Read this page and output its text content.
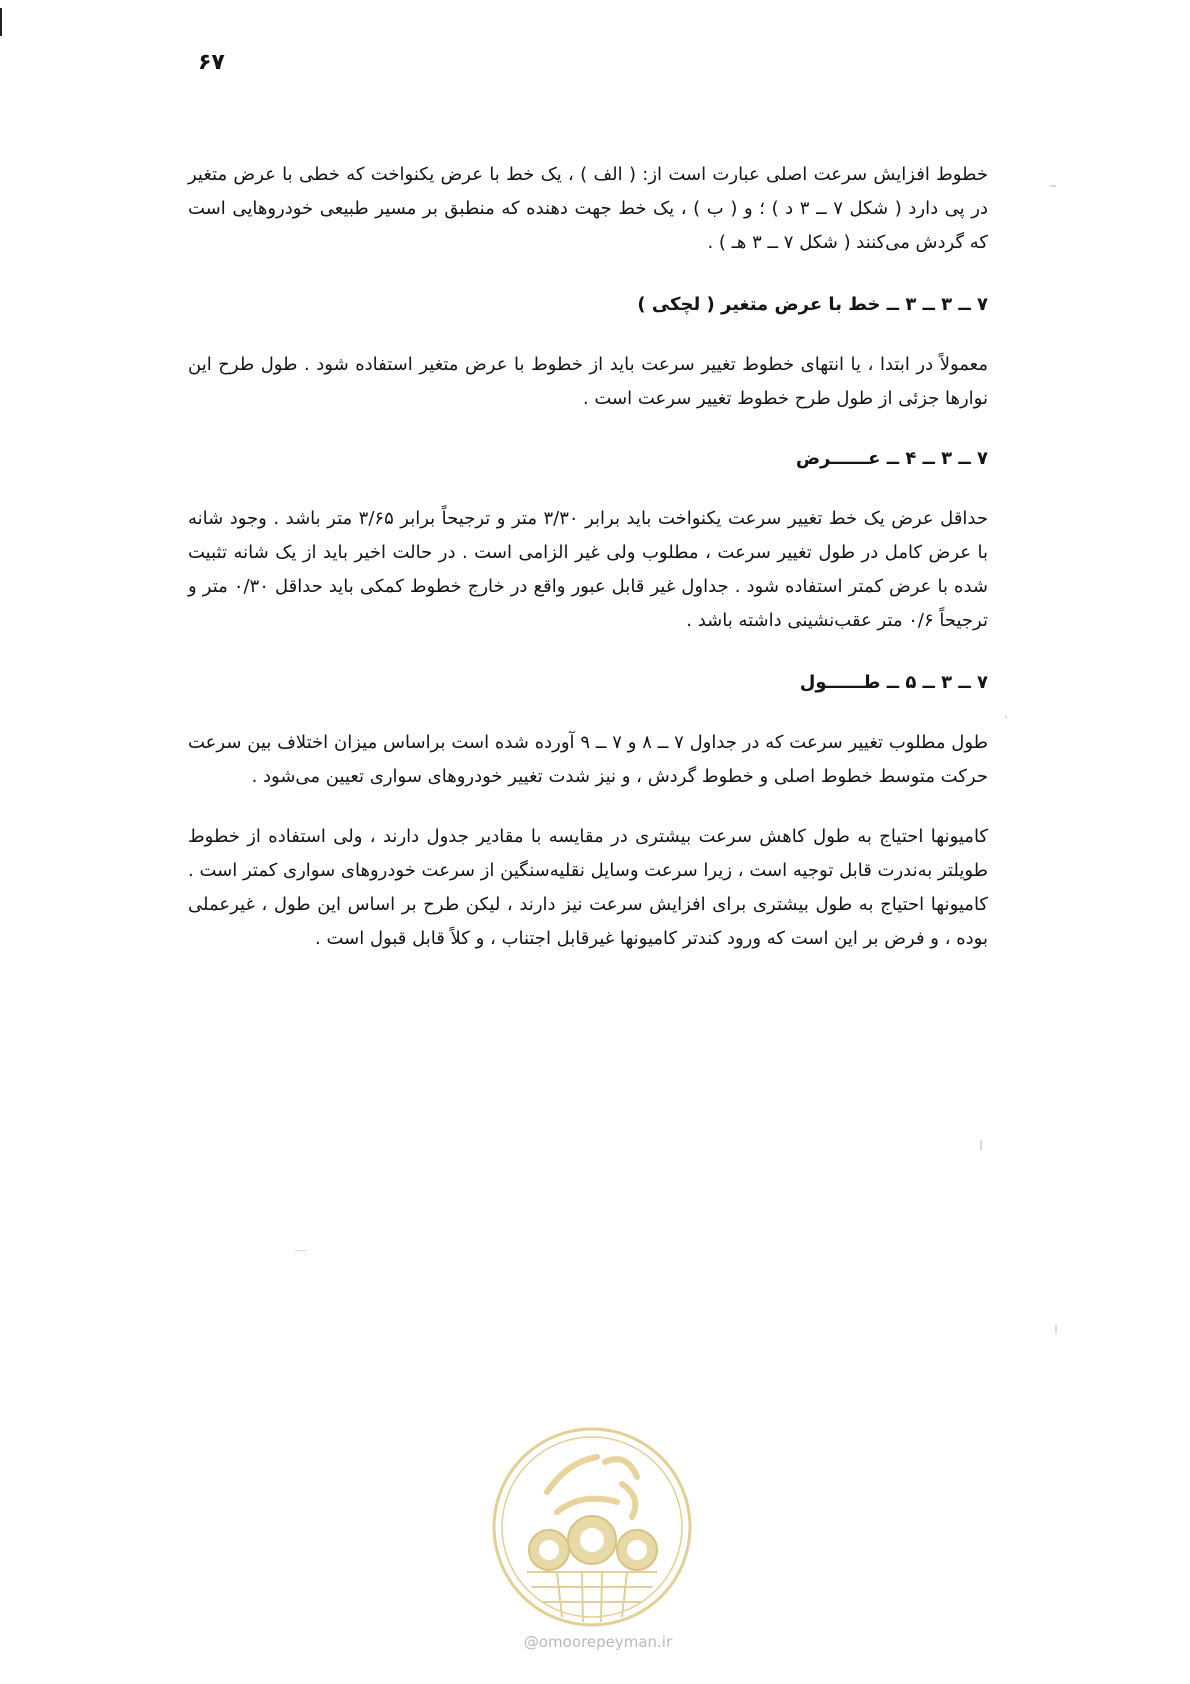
۶۷

خطوط افزایش سرعت اصلی عبارت است از: ( الف ) ، یک خط با عرض یکنواخت که خطی با عرض متغیر در پی دارد ( شکل ۷ ــ ۳ د ) ؛ و ( ب ) ، یک خط جهت دهنده که منطبق بر مسیر طبیعی خودروهایی است که گردش می‌کنند ( شکل ۷ ــ ۳ هـ ) .

۷ ــ ۳ ــ ۳ ــ خط با عرض متغیر ( لچکی )

معمولاً در ابتدا ، یا انتهای خطوط تغییر سرعت باید از خطوط با عرض متغیر استفاده شود . طول طرح این نوارها جزئی از طول طرح خطوط تغییر سرعت است .

۷ ــ ۳ ــ ۴ ــ عــــــرض

حداقل عرض یک خط تغییر سرعت یکنواخت باید برابر ۳/۳۰ متر و ترجیحاً برابر ۳/۶۵ متر باشد . وجود شانه با عرض کامل در طول تغییر سرعت ، مطلوب ولی غیر الزامی است . در حالت اخیر باید از یک شانه تثبیت شده با عرض کمتر استفاده شود . جداول غیر قابل عبور واقع در خارج خطوط کمکی باید حداقل ۰/۳۰ متر و ترجیحاً ۰/۶ متر عقب‌نشینی داشته باشد .

۷ ــ ۳ ــ ۵ ــ طــــــول

طول مطلوب تغییر سرعت که در جداول ۷ ــ ۸ و ۷ ــ ۹ آورده شده است براساس میزان اختلاف بین سرعت حرکت متوسط خطوط اصلی و خطوط گردش ، و نیز شدت تغییر خودروهای سواری تعیین می‌شود .

کامیونها احتیاج به طول کاهش سرعت بیشتری در مقایسه با مقادیر جدول دارند ، ولی استفاده از خطوط طویلتر به‌ندرت قابل توجیه است ، زیرا سرعت وسایل نقلیه‌سنگین از سرعت خودروهای سواری کمتر است . کامیونها احتیاج به طول بیشتری برای افزایش سرعت نیز دارند ، لیکن طرح بر اساس این طول ، غیرعملی بوده ، و فرض بر این است که ورود کندتر کامیونها غیرقابل اجتناب ، و کلاً قابل قبول است .

@omoorepeyman.ir
